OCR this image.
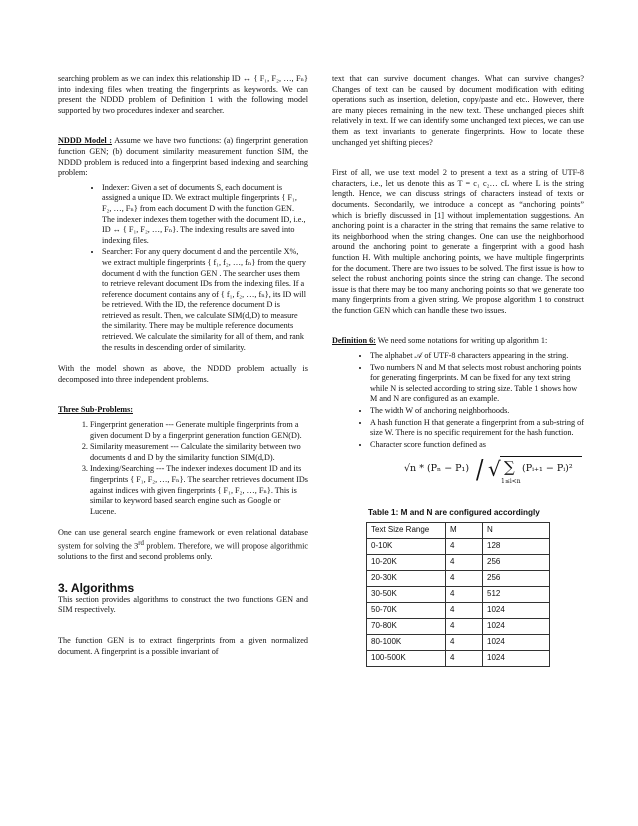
searching problem as we can index this relationship ID ↔ { F₁, F₂, …, Fₙ} into indexing files when treating the fingerprints as keywords. We can present the NDDD problem of Definition 1 with the following model supported by two procedures indexer and searcher.

NDDD Model : Assume we have two functions: (a) fingerprint generation function GEN; (b) document similarity measurement function SIM, the NDDD problem is reduced into a fingerprint based indexing and searching problem:

• Indexer: Given a set of documents S, each document is assigned a unique ID. We extract multiple fingerprints { F₁, F₂, …, Fₙ} from each document D with the function GEN. The indexer indexes them together with the document ID, i.e., ID ↔ { F₁, F₂, …, Fₙ}. The indexing results are saved into indexing files.
• Searcher: For any query document d and the percentile X%, we extract multiple fingerprints { f₁, f₂, …, fₙ} from the query document d with the function GEN . The searcher uses them to retrieve relevant document IDs from the indexing files. If a reference document contains any of { f₁, f₂, …, fₙ}, its ID will be retrieved. With the ID, the reference document D is retrieved as result. Then, we calculate SIM(d,D) to measure the similarity. There may be multiple reference documents retrieved. We calculate the similarity for all of them, and rank the results in descending order of similarity.

With the model shown as above, the NDDD problem actually is decomposed into three independent problems.

Three Sub-Problems:

1. Fingerprint generation --- Generate multiple fingerprints from a given document D by a fingerprint generation function GEN(D).
2. Similarity measurement --- Calculate the similarity between two documents d and D by the similarity function SIM(d,D).
3. Indexing/Searching --- The indexer indexes document ID and its fingerprints { F₁, F₂, …, Fₙ}. The searcher retrieves document IDs against indices with given fingerprints { F₁, F₂, …, Fₙ}. This is similar to keyword based search engine such as Google or Lucene.

One can use general search engine framework or even relational database system for solving the 3rd problem. Therefore, we will propose algorithmic solutions to the first and second problems only.

3. Algorithms

This section provides algorithms to construct the two functions GEN and SIM respectively.

The function GEN is to extract fingerprints from a given normalized document. A fingerprint is a possible invariant of

text that can survive document changes. What can survive changes? Changes of text can be caused by document modification with editing operations such as insertion, deletion, copy/paste and etc.. However, there are many pieces remaining in the new text. These unchanged pieces shift relatively in text. If we can identify some unchanged text pieces, we can use them as text invariants to generate fingerprints. How to locate these unchanged yet shifting pieces?

First of all, we use text model 2 to present a text as a string of UTF-8 characters, i.e., let us denote this as T = c₁ c₂… cL where L is the string length. Hence, we can discuss strings of characters instead of texts or documents. Secondarily, we introduce a concept as “anchoring points” which is briefly discussed in [1] without implementation suggestions. An anchoring point is a character in the string that remains the same relative to its neighborhood when the string changes. One can use the neighborhood around the anchoring point to generate a fingerprint with a good hash function H. With multiple anchoring points, we have multiple fingerprints for the document. There are two issues to be solved. The first issue is how to select the robust anchoring points since the string can change. The second issue is that there may be too many anchoring points so that we generate too many fingerprints from a given string. We propose algorithm 1 to construct the function GEN which can handle these two issues.

Definition 6: We need some notations for writing up algorithm 1:

• The alphabet 𝒜 of UTF-8 characters appearing in the string.
• Two numbers N and M that selects most robust anchoring points for generating fingerprints. M can be fixed for any text string while N is selected according to string size. Table 1 shows how M and N are configured as an example.
• The width W of anchoring neighborhoods.
• A hash function H that generate a fingerprint from a sub-string of size W. There is no specific requirement for the hash function.
• Character score function defined as
√n * (Pₙ − P₁) / √ ∑
1≤i<n
(Pᵢ₊₁ − Pᵢ)²
Table 1: M and N are configured accordingly
Text Size Range	M	N
0-10K	4	128
10-20K	4	256
20-30K	4	256
30-50K	4	512
50-70K	4	1024
70-80K	4	1024
80-100K	4	1024
100-500K	4	1024
